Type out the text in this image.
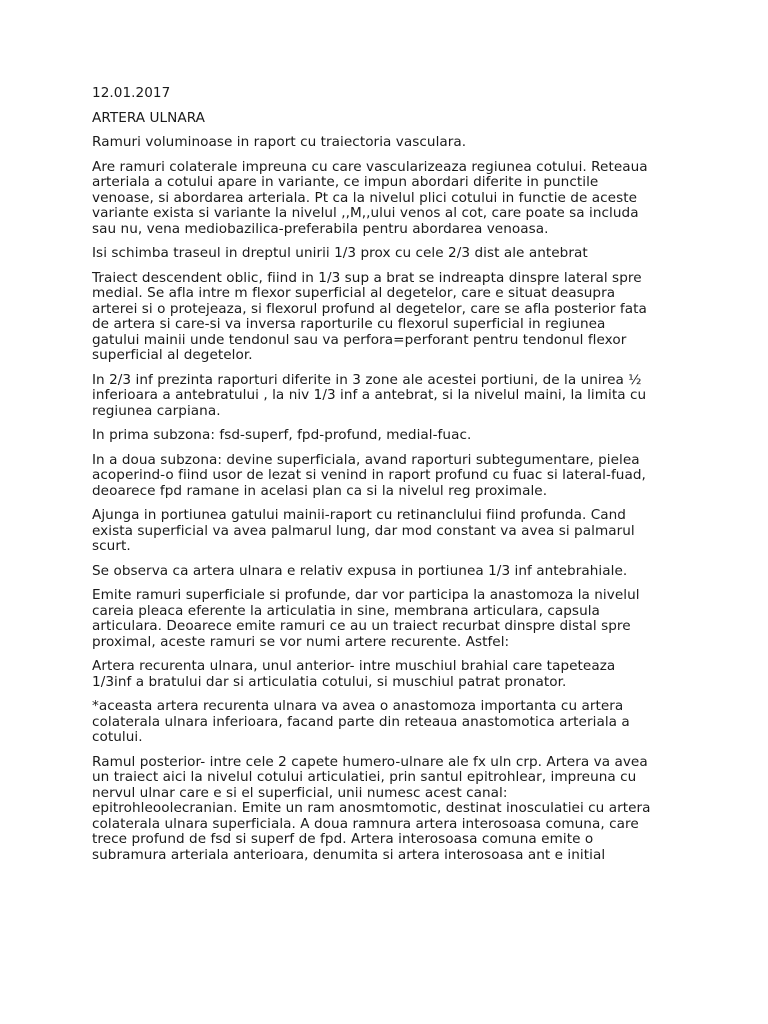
12.01.2017

ARTERA ULNARA

Ramuri voluminoase in raport cu traiectoria vasculara.

Are ramuri colaterale impreuna cu care vascularizeaza regiunea cotului. Reteaua arteriala a cotului apare in variante, ce impun abordari diferite in punctile venoase, si abordarea arteriala. Pt ca la nivelul plici cotului in functie de aceste variante exista si variante la nivelul ,,M,,ului venos al cot, care poate sa includa sau nu, vena mediobazilica-preferabila pentru abordarea venoasa.

Isi schimba traseul in dreptul unirii 1/3 prox cu cele 2/3 dist ale antebrat

Traiect descendent oblic, fiind in 1/3 sup a brat se indreapta dinspre lateral spre medial. Se afla intre m flexor superficial al degetelor, care e situat deasupra arterei si o protejeaza, si flexorul profund al degetelor, care se afla posterior fata de artera si care-si va inversa raporturile cu flexorul superficial in regiunea gatului mainii unde tendonul sau va perfora=perforant pentru tendonul flexor superficial al degetelor.

In 2/3 inf prezinta raporturi diferite in 3 zone ale acestei portiuni, de la unirea ½ inferioara a antebratului , la niv 1/3 inf a antebrat, si la nivelul maini, la limita cu regiunea carpiana.

In prima subzona: fsd-superf, fpd-profund, medial-fuac.

In a doua subzona: devine superficiala, avand raporturi subtegumentare, pielea acoperind-o fiind usor de lezat si venind in raport profund cu fuac si lateral-fuad, deoarece fpd ramane in acelasi plan ca si la nivelul reg proximale.

Ajunga in portiunea gatului mainii-raport cu retinanclului fiind profunda. Cand exista superficial va avea palmarul lung, dar mod constant va avea si palmarul scurt.

Se observa ca artera ulnara e relativ expusa in portiunea 1/3 inf antebrahiale.

Emite ramuri superficiale si profunde, dar vor participa la anastomoza la nivelul careia pleaca eferente la articulatia in sine, membrana articulara, capsula articulara. Deoarece emite ramuri ce au un traiect recurbat dinspre distal spre proximal, aceste ramuri se vor numi artere recurente. Astfel:

Artera recurenta ulnara, unul anterior- intre muschiul brahial care tapeteaza 1/3inf a bratului dar si articulatia cotului, si muschiul patrat pronator.

*aceasta artera recurenta ulnara va avea o anastomoza importanta cu artera colaterala ulnara inferioara, facand parte din reteaua anastomotica arteriala a cotului.

Ramul posterior- intre cele 2 capete humero-ulnare ale fx uln crp. Artera va avea un traiect aici la nivelul cotului articulatiei, prin santul epitrohlear, impreuna cu nervul ulnar care e si el superficial, unii numesc acest canal: epitrohleoolecranian. Emite un ram anosmtomotic, destinat inosculatiei cu artera colaterala ulnara superficiala. A doua ramnura artera interosoasa comuna, care trece profund de fsd si superf de fpd. Artera interosoasa comuna emite o subramura arteriala anterioara, denumita si artera interosoasa ant e initial
